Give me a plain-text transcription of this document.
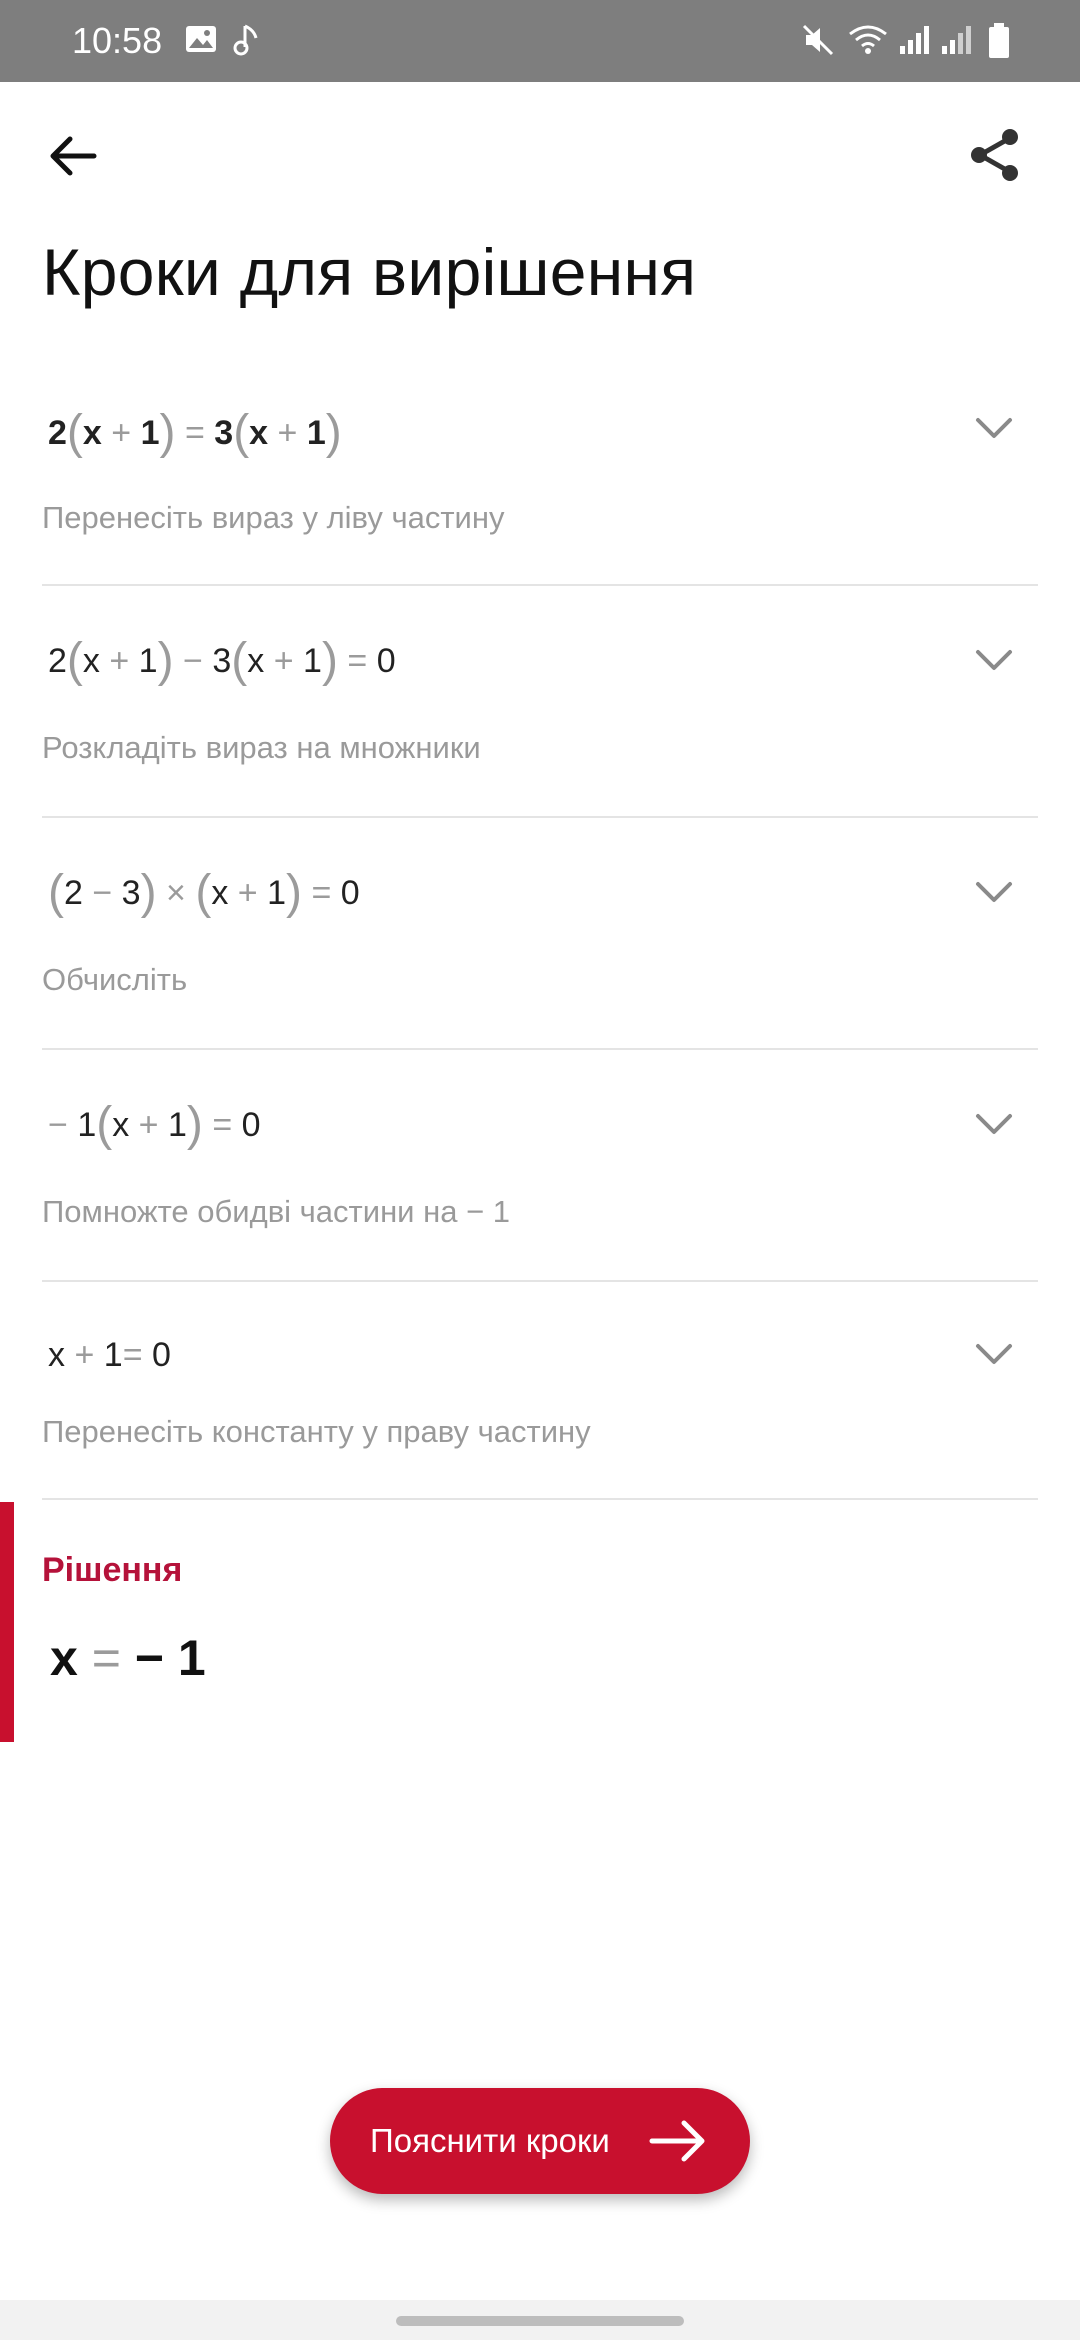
10:58
Кроки для вирішення
2(x + 1) = 3(x + 1)
Перенесіть вираз у ліву частину
2(x + 1) − 3(x + 1) = 0
Розкладіть вираз на множники
(2 − 3) × (x + 1) = 0
Обчисліть
− 1(x + 1) = 0
Помножте обидві частини на − 1
x + 1= 0
Перенесіть константу у праву частину
Рішення
x = − 1
Пояснити кроки
